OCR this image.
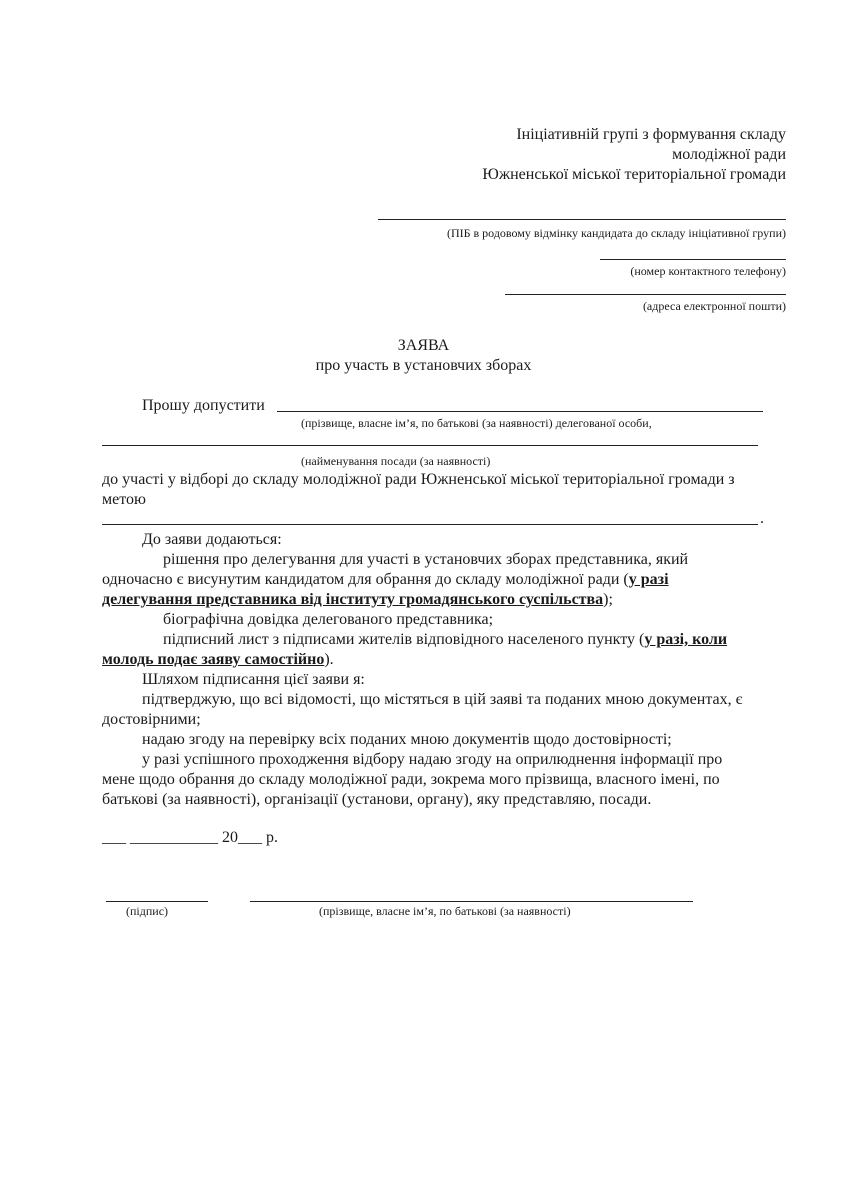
Ініціативній групі з формування складу
молодіжної ради
Южненської міської територіальної громади
(ПІБ в родовому відмінку кандидата до складу ініціативної групи)
(номер контактного телефону)
(адреса електронної пошти)
ЗАЯВА
про участь в установчих зборах
Прошу допустити
(прізвище, власне ім’я, по батькові (за наявності) делегованої особи,
(найменування посади (за наявності)
до участі у відборі до складу молодіжної ради Южненської міської територіальної громади з
метою
.
До заяви додаються:
рішення про делегування для участі в установчих зборах представника, який
одночасно є висунутим кандидатом для обрання до складу молодіжної ради (у разі
делегування представника від інституту громадянського суспільства);
біографічна довідка делегованого представника;
підписний лист з підписами жителів відповідного населеного пункту (у разі, коли
молодь подає заяву самостійно).
Шляхом підписання цієї заяви я:
підтверджую, що всі відомості, що містяться в цій заяві та поданих мною документах, є
достовірними;
надаю згоду на перевірку всіх поданих мною документів щодо достовірності;
у разі успішного проходження відбору надаю згоду на оприлюднення інформації про
мене щодо обрання до складу молодіжної ради, зокрема мого прізвища, власного імені, по
батькові (за наявності), організації (установи, органу), яку представляю, посади.
___ ___________ 20___ р.
(підпис)	(прізвище, власне ім’я, по батькові (за наявності)
